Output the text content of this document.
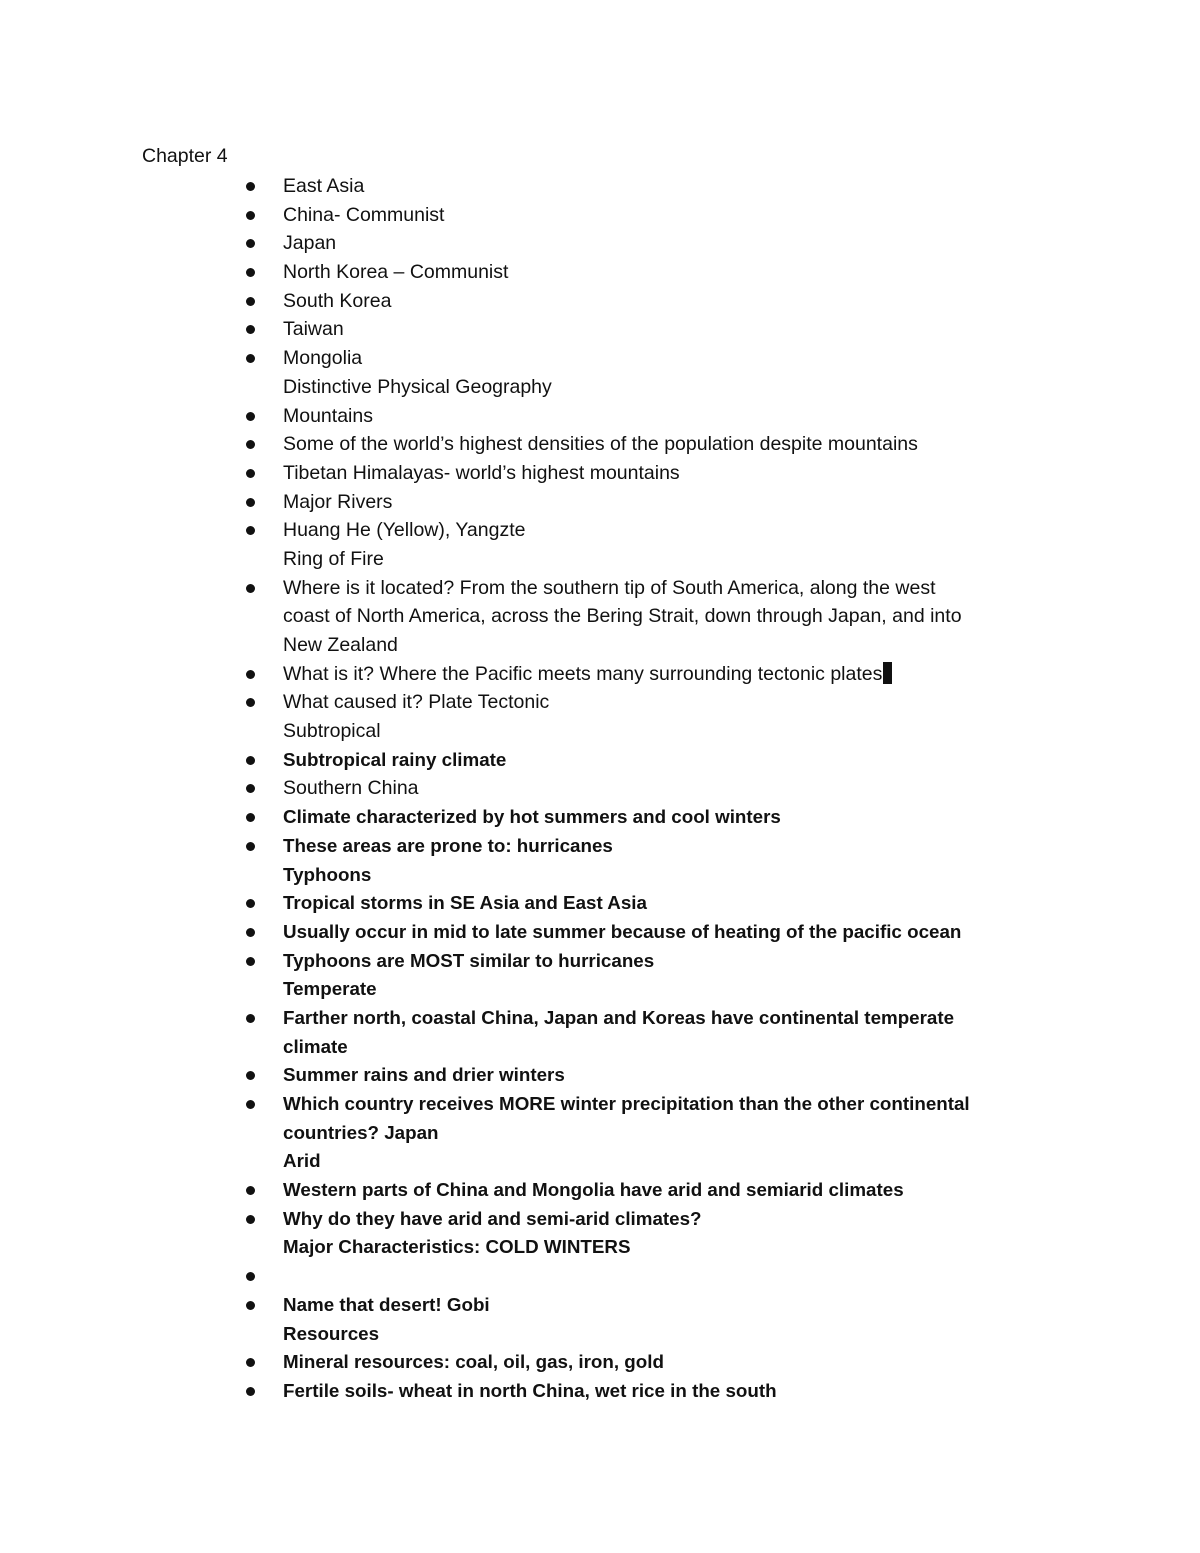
Chapter 4
East Asia
China- Communist
Japan
North Korea – Communist
South Korea
Taiwan
Mongolia
Distinctive Physical Geography
Mountains
Some of the world’s highest densities of the population despite mountains
Tibetan Himalayas- world’s highest mountains
Major Rivers
Huang He (Yellow), Yangzte
Ring of Fire
Where is it located? From the southern tip of South America, along the west
coast of North America, across the Bering Strait, down through Japan, and into
New Zealand
What is it? Where the Pacific meets many surrounding tectonic plates
What caused it? Plate Tectonic
Subtropical
Subtropical rainy climate
Southern China
Climate characterized by hot summers and cool winters
These areas are prone to: hurricanes
Typhoons
Tropical storms in SE Asia and East Asia
Usually occur in mid to late summer because of heating of the pacific ocean
Typhoons are MOST similar to hurricanes
Temperate
Farther north, coastal China, Japan and Koreas have continental temperate
climate
Summer rains and drier winters
Which country receives MORE winter precipitation than the other continental
countries? Japan
Arid
Western parts of China and Mongolia have arid and semiarid climates
Why do they have arid and semi-arid climates?
Major Characteristics: COLD WINTERS
Name that desert! Gobi
Resources
Mineral resources: coal, oil, gas, iron, gold
Fertile soils- wheat in north China, wet rice in the south
